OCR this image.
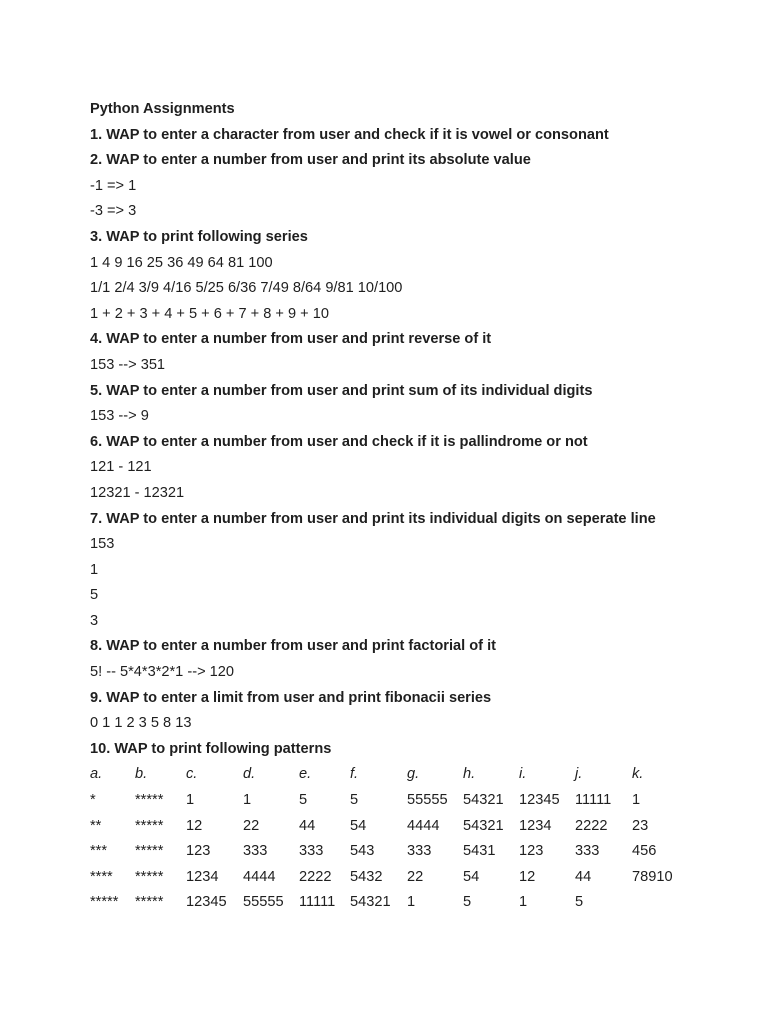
Python Assignments
1. WAP to enter a character from user and check if it is vowel or consonant
2. WAP to enter a number from user and print its absolute value
-1 => 1
-3 => 3
3. WAP to print following series
1 4 9 16 25 36 49 64 81 100
1/1 2/4 3/9 4/16 5/25 6/36 7/49 8/64 9/81 10/100
1 + 2 + 3 + 4 + 5 + 6 + 7 + 8 + 9 + 10
4. WAP to enter a number from user and print reverse of it
153 --> 351
5. WAP to enter a number from user and print sum of its individual digits
153 --> 9
6. WAP to enter a number from user and check if it is pallindrome or not
121 - 121
12321 - 12321
7. WAP to enter a number from user and print its individual digits on seperate line
153
1
5
3
8. WAP to enter a number from user and print factorial of it
5! -- 5*4*3*2*1 --> 120
9. WAP to enter a limit from user and print fibonacii series
0 1 1 2 3 5 8 13
10. WAP to print following patterns
a.	b.	c.	d.	e.	f.	g.	h.	i.	j.	k.
*	*****	1	1	5	5	55555	54321	12345	11111	1
**	*****	12	22	44	54	4444	54321	1234	2222	23
***	*****	123	333	333	543	333	5431	123	333	456
****	*****	1234	4444	2222	5432	22	54	12	44	78910
*****	*****	12345	55555	11111	54321	1	5	1	5	
